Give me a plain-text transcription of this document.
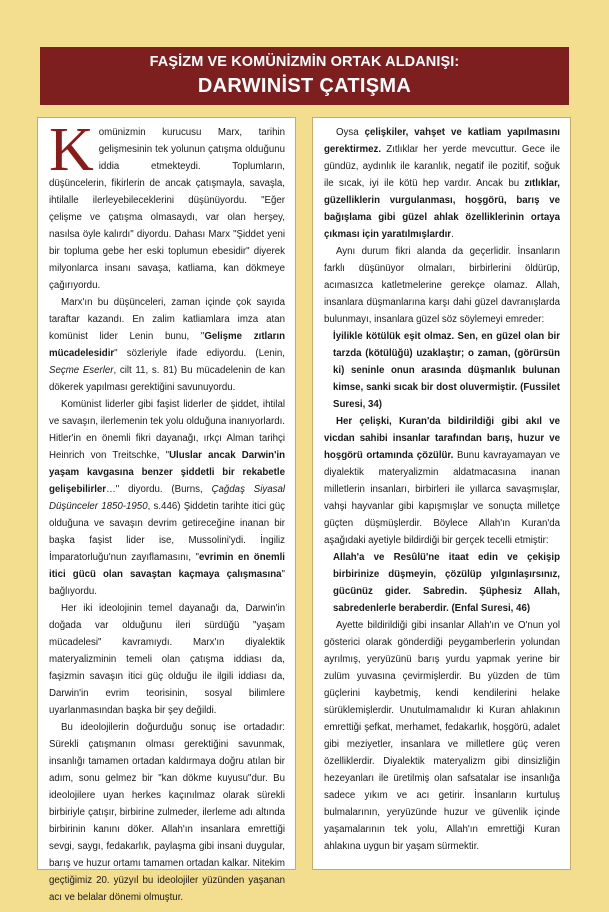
FAŞİZM VE KOMÜNİZMİN ORTAK ALDANIŞI:
DARWINİST ÇATIŞMA

Komünizmin kurucusu Marx, tarihin gelişmesinin tek yolunun çatışma olduğunu iddia etmekteydi. Toplumların, düşüncelerin, fikirlerin de ancak çatışmayla, savaşla, ihtilalle ilerleyebileceklerini düşünüyordu. "Eğer çelişme ve çatışma olmasaydı, var olan herşey, nasılsa öyle kalırdı" diyordu. Dahası Marx "Şiddet yeni bir topluma gebe her eski toplumun ebesidir" diyerek milyonlarca insanı savaşa, katliama, kan dökmeye çağırıyordu.

Marx'ın bu düşünceleri, zaman içinde çok sayıda taraftar kazandı. En zalim katliamlara imza atan komünist lider Lenin bunu, "Gelişme zıtların mücadelesidir" sözleriyle ifade ediyordu. (Lenin, Seçme Eserler, cilt 11, s. 81) Bu mücadelenin de kan dökerek yapılması gerektiğini savunuyordu.

Komünist liderler gibi faşist liderler de şiddet, ihtilal ve savaşın, ilerlemenin tek yolu olduğuna inanıyorlardı. Hitler'in en önemli fikri dayanağı, ırkçı Alman tarihçi Heinrich von Treitschke, "Uluslar ancak Darwin'in yaşam kavgasına benzer şiddetli bir rekabetle gelişebilirler…" diyordu. (Burns, Çağdaş Siyasal Düşünceler 1850-1950, s.446) Şiddetin tarihte itici güç olduğuna ve savaşın devrim getireceğine inanan bir başka faşist lider ise, Mussolini'ydi. İngiliz İmparatorluğu'nun zayıflamasını, "evrimin en önemli itici gücü olan savaştan kaçmaya çalışmasına" bağlıyordu.

Her iki ideolojinin temel dayanağı da, Darwin'in doğada var olduğunu ileri sürdüğü "yaşam mücadelesi" kavramıydı. Marx'ın diyalektik materyalizminin temeli olan çatışma iddiası da, faşizmin savaşın itici güç olduğu ile ilgili iddiası da, Darwin'in evrim teorisinin, sosyal bilimlere uyarlanmasından başka bir şey değildi.

Bu ideolojilerin doğurduğu sonuç ise ortadadır: Sürekli çatışmanın olması gerektiğini savunmak, insanlığı tamamen ortadan kaldırmaya doğru atılan bir adım, sonu gelmez bir "kan dökme kuyusu"dur. Bu ideolojilere uyan herkes kaçınılmaz olarak sürekli birbiriyle çatışır, birbirine zulmeder, ilerleme adı altında birbirinin kanını döker. Allah'ın insanlara emrettiği sevgi, saygı, fedakarlık, paylaşma gibi insani duygular, barış ve huzur ortamı tamamen ortadan kalkar. Nitekim geçtiğimiz 20. yüzyıl bu ideolojiler yüzünden yaşanan acı ve belalar dönemi olmuştur.

Oysa çelişkiler, vahşet ve katliam yapılmasını gerektirmez. Zıtlıklar her yerde mevcuttur. Gece ile gündüz, aydınlık ile karanlık, negatif ile pozitif, soğuk ile sıcak, iyi ile kötü hep vardır. Ancak bu zıtlıklar, güzelliklerin vurgulanması, hoşgörü, barış ve bağışlama gibi güzel ahlak özelliklerinin ortaya çıkması için yaratılmışlardır.

Aynı durum fikri alanda da geçerlidir. İnsanların farklı düşünüyor olmaları, birbirlerini öldürüp, acımasızca katletmelerine gerekçe olamaz. Allah, insanlara düşmanlarına karşı dahi güzel davranışlarda bulunmayı, insanlara güzel söz söylemeyi emreder:

İyilikle kötülük eşit olmaz. Sen, en güzel olan bir tarzda (kötülüğü) uzaklaştır; o zaman, (görürsün ki) seninle onun arasında düşmanlık bulunan kimse, sanki sıcak bir dost oluvermiştir. (Fussilet Suresi, 34)

Her çelişki, Kuran'da bildirildiği gibi akıl ve vicdan sahibi insanlar tarafından barış, huzur ve hoşgörü ortamında çözülür. Bunu kavrayamayan ve diyalektik materyalizmin aldatmacasına inanan milletlerin insanları, birbirleri ile yıllarca savaşmışlar, vahşi hayvanlar gibi kapışmışlar ve sonuçta milletçe güçten düşmüşlerdir. Böylece Allah'ın Kuran'da aşağıdaki ayetiyle bildirdiği bir gerçek tecelli etmiştir:

Allah'a ve Resûlü'ne itaat edin ve çekişip birbirinize düşmeyin, çözülüp yılgınlaşırsınız, gücünüz gider. Sabredin. Şüphesiz Allah, sabredenlerle beraberdir. (Enfal Suresi, 46)

Ayette bildirildiği gibi insanlar Allah'ın ve O'nun yol gösterici olarak gönderdiği peygamberlerin yolundan ayrılmış, yeryüzünü barış yurdu yapmak yerine bir zulüm yuvasına çevirmişlerdir. Bu yüzden de tüm güçlerini kaybetmiş, kendi kendilerini helake sürüklemişlerdir. Unutulmamalıdır ki Kuran ahlakının emrettiği şefkat, merhamet, fedakarlık, hoşgörü, adalet gibi meziyetler, insanlara ve milletlere güç veren özelliklerdir. Diyalektik materyalizm gibi dinsizliğin hezeyanları ile üretilmiş olan safsatalar ise insanlığa sadece yıkım ve acı getirir. İnsanların kurtuluş bulmalarının, yeryüzünde huzur ve güvenlik içinde yaşamalarının tek yolu, Allah'ın emrettiği Kuran ahlakına uygun bir yaşam sürmektir.
